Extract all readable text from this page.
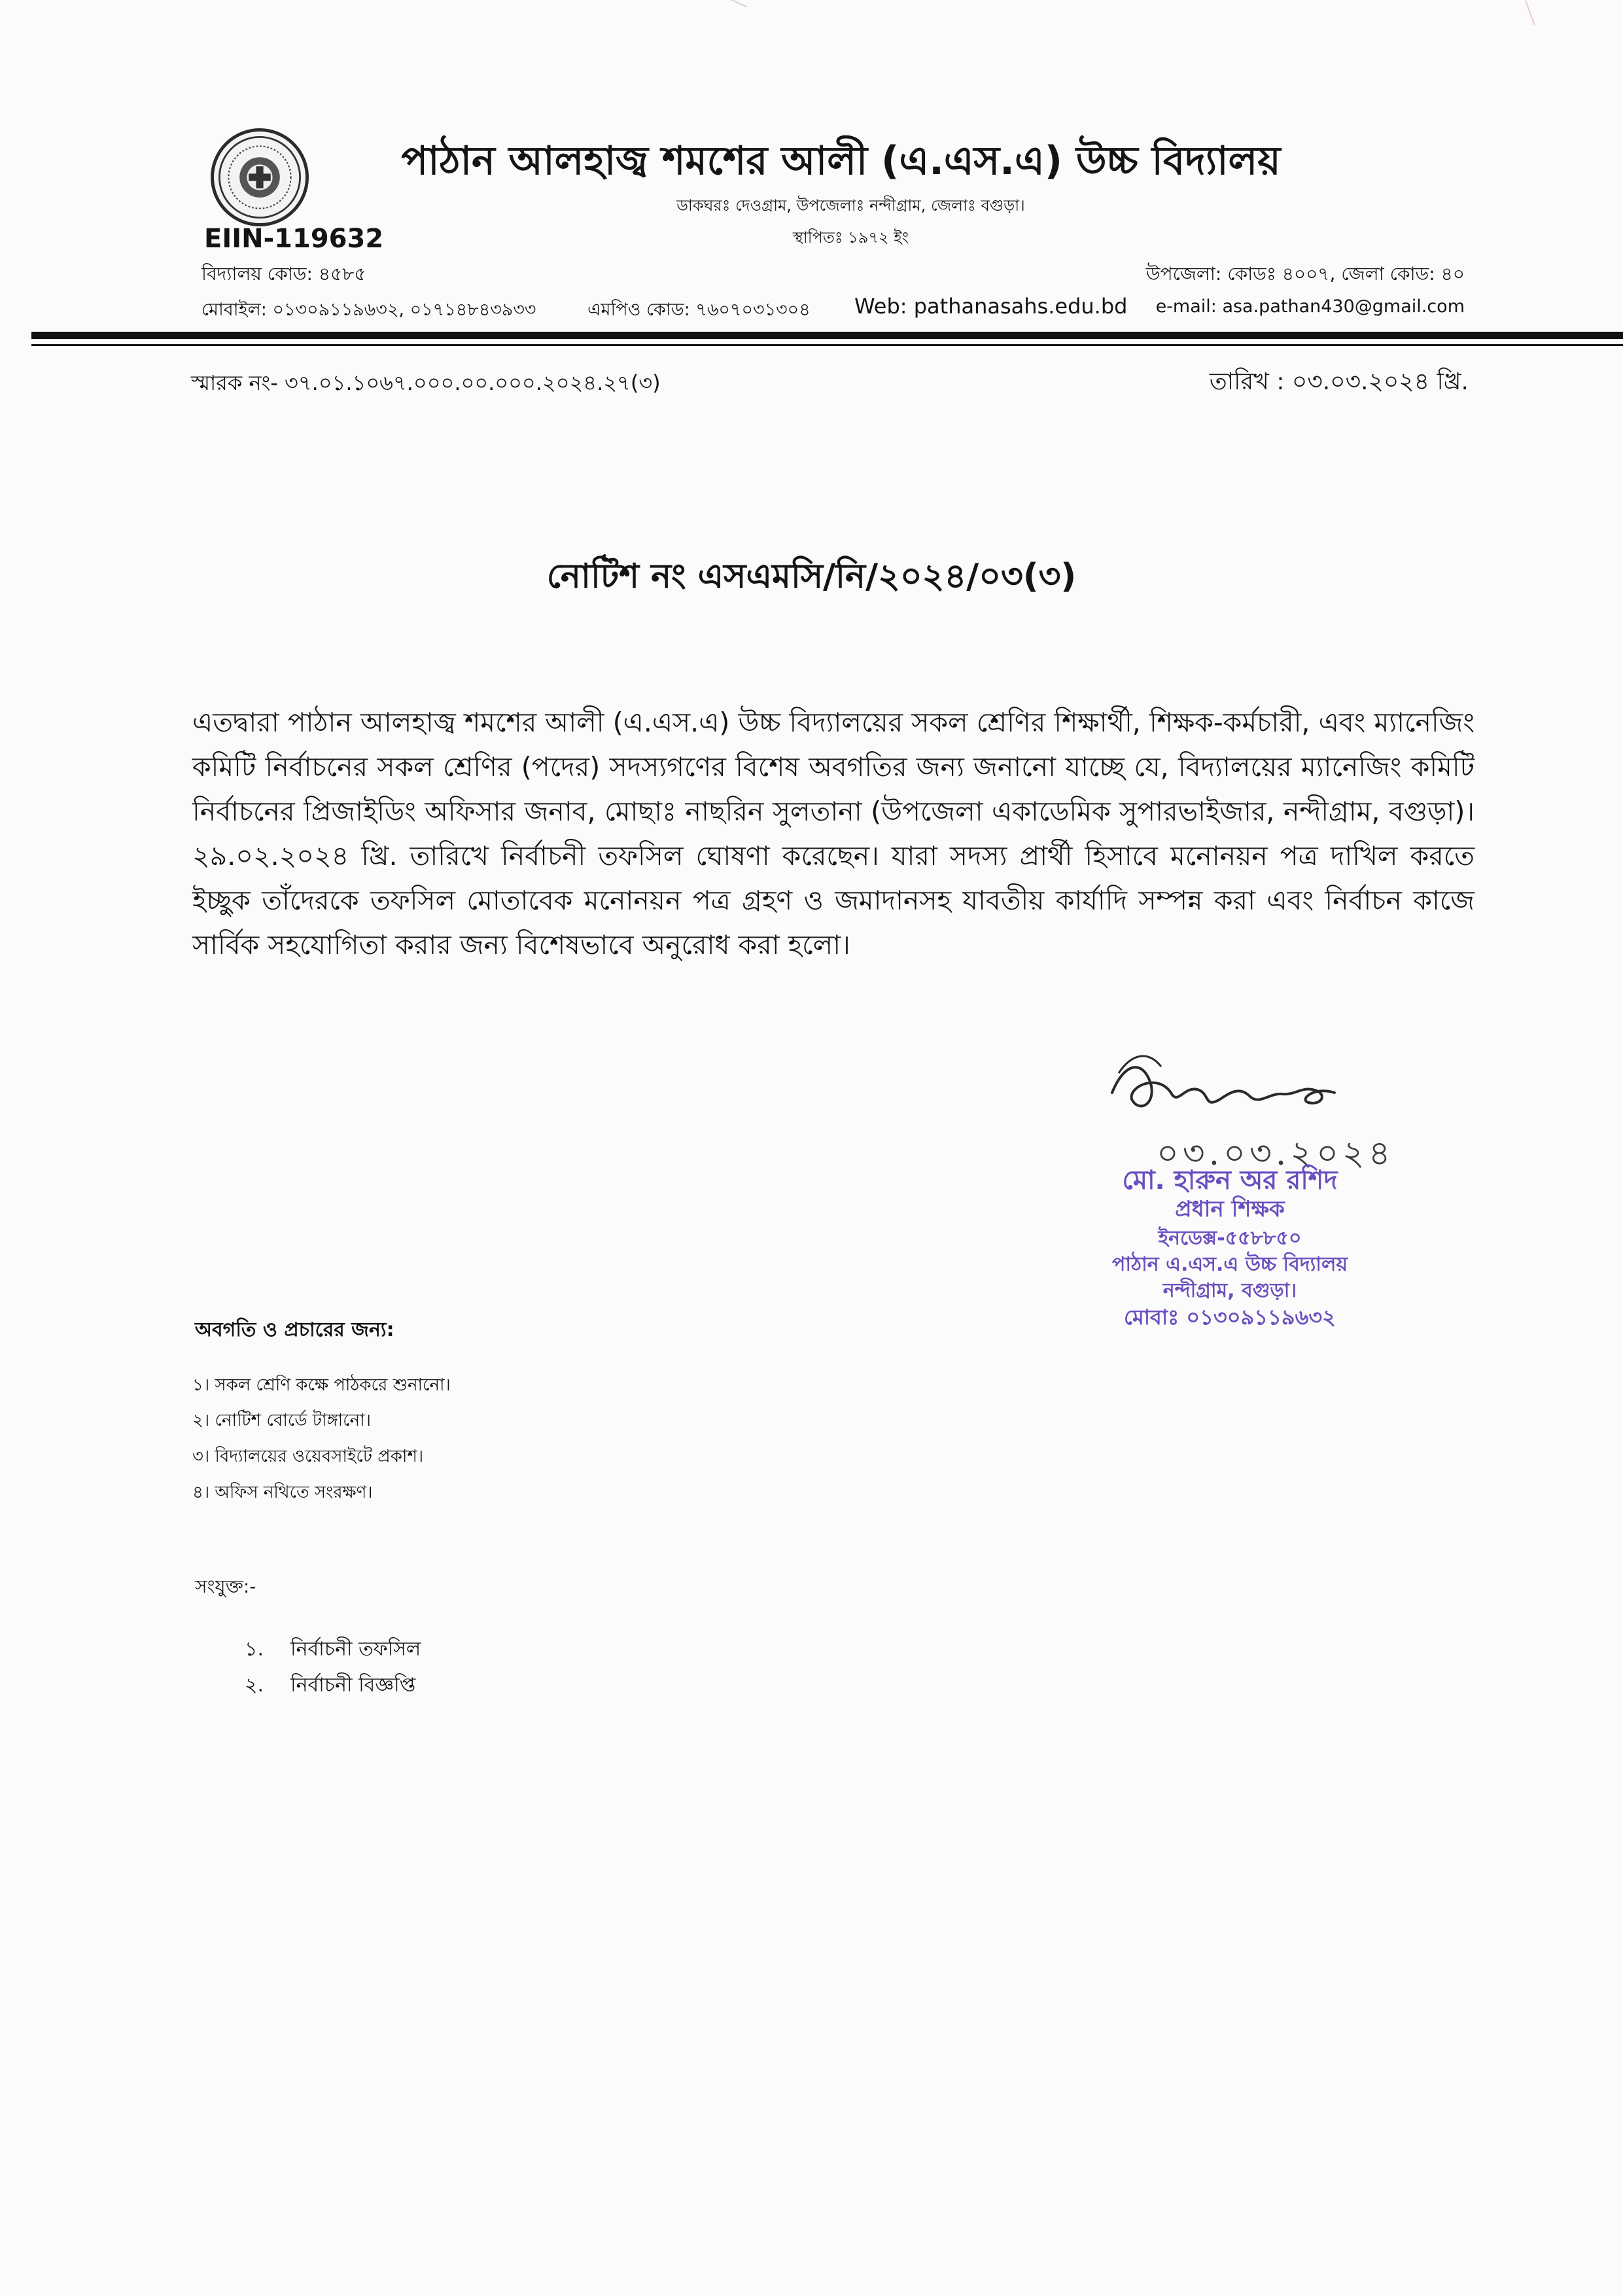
পাঠান আলহাজ্ব শমশের আলী (এ.এস.এ) উচ্চ বিদ্যালয়
ডাকঘরঃ দেওগ্রাম, উপজেলাঃ নন্দীগ্রাম, জেলাঃ বগুড়া।
স্থাপিতঃ ১৯৭২ ইং
EIIN-119632
বিদ্যালয় কোড: ৪৫৮৫	উপজেলা: কোডঃ ৪০০৭, জেলা কোড: ৪০
মোবাইল: ০১৩০৯১১৯৬৩২, ০১৭১৪৮৪৩৯৩৩	এমপিও কোড: ৭৬০৭০৩১৩০৪ Web: pathanasahs.edu.bd e-mail: asa.pathan430@gmail.com
স্মারক নং- ৩৭.০১.১০৬৭.০০০.০০.০০০.২০২৪.২৭(৩)	তারিখ : ০৩.০৩.২০২৪ খ্রি.
নোটিশ নং এসএমসি/নি/২০২৪/০৩(৩)
এতদ্বারা পাঠান আলহাজ্ব শমশের আলী (এ.এস.এ) উচ্চ বিদ্যালয়ের সকল শ্রেণির শিক্ষার্থী, শিক্ষক-কর্মচারী, এবং ম্যানেজিং কমিটি নির্বাচনের সকল শ্রেণির (পদের) সদস্যগণের বিশেষ অবগতির জন্য জনানো যাচ্ছে যে, বিদ্যালয়ের ম্যানেজিং কমিটি নির্বাচনের প্রিজাইডিং অফিসার জনাব, মোছাঃ নাছরিন সুলতানা (উপজেলা একাডেমিক সুপারভাইজার, নন্দীগ্রাম, বগুড়া)। ২৯.০২.২০২৪ খ্রি. তারিখে নির্বাচনী তফসিল ঘোষণা করেছেন। যারা সদস্য প্রার্থী হিসাবে মনোনয়ন পত্র দাখিল করতে ইচ্ছুক তাঁদেরকে তফসিল মোতাবেক মনোনয়ন পত্র গ্রহণ ও জমাদানসহ যাবতীয় কার্যাদি সম্পন্ন করা এবং নির্বাচন কাজে সার্বিক সহযোগিতা করার জন্য বিশেষভাবে অনুরোধ করা হলো।
০৩.০৩.২০২৪
মো. হারুন অর রশিদ
প্রধান শিক্ষক
ইনডেক্স-৫৫৮৮৫০
পাঠান এ.এস.এ উচ্চ বিদ্যালয়
নন্দীগ্রাম, বগুড়া।
মোবাঃ ০১৩০৯১১৯৬৩২
অবগতি ও প্রচারের জন্য:
১। সকল শ্রেণি কক্ষে পাঠকরে শুনানো।
২। নোটিশ বোর্ডে টাঙ্গানো।
৩। বিদ্যালয়ের ওয়েবসাইটে প্রকাশ।
৪। অফিস নথিতে সংরক্ষণ।
সংযুক্ত:-
১. নির্বাচনী তফসিল
২. নির্বাচনী বিজ্ঞপ্তি
